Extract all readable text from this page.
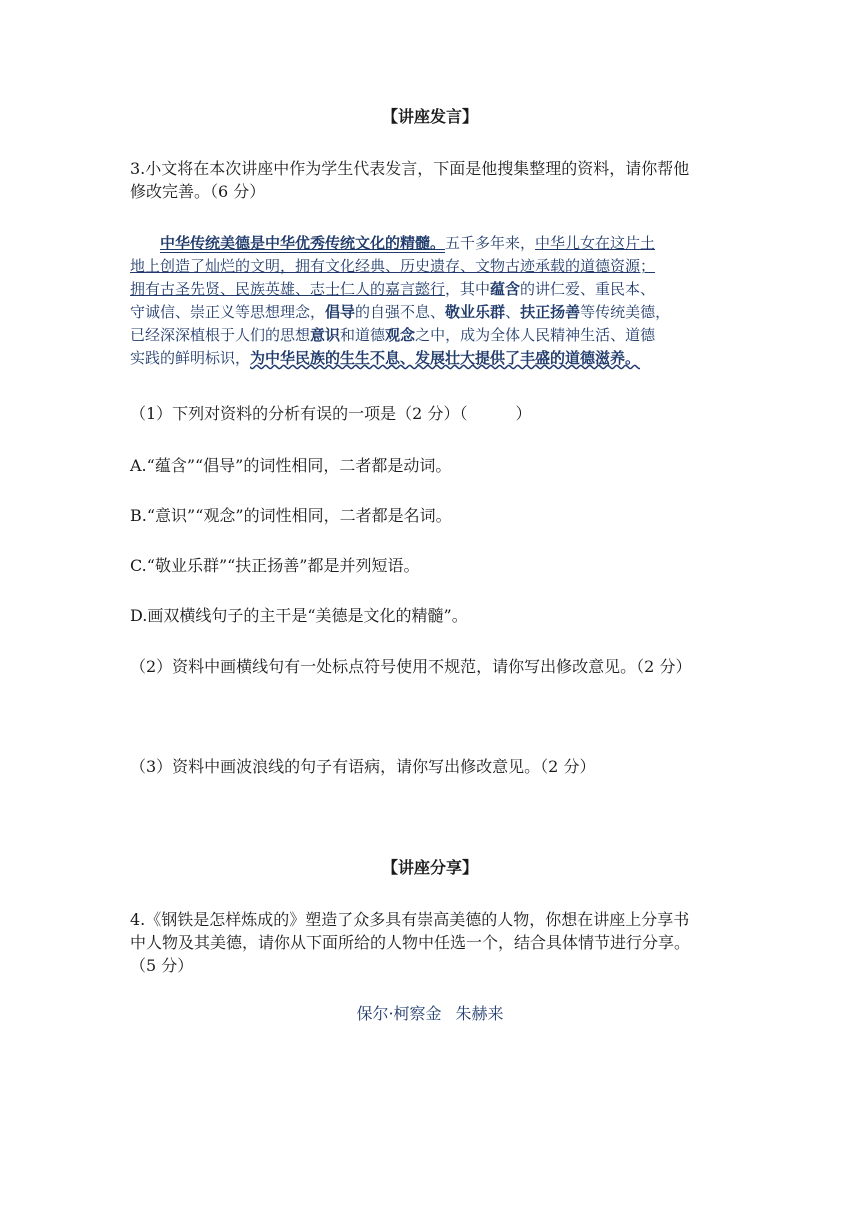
【讲座发言】
3.小文将在本次讲座中作为学生代表发言，下面是他搜集整理的资料，请你帮他
修改完善。（6 分）
中华传统美德是中华优秀传统文化的精髓。五千多年来，中华儿女在这片土
地上创造了灿烂的文明，拥有文化经典、历史遗存、文物古迹承载的道德资源；
拥有古圣先贤、民族英雄、志士仁人的嘉言懿行，其中蕴含的讲仁爱、重民本、
守诚信、崇正义等思想理念，倡导的自强不息、敬业乐群、扶正扬善等传统美德，
已经深深植根于人们的思想意识和道德观念之中，成为全体人民精神生活、道德
实践的鲜明标识，为中华民族的生生不息、发展壮大提供了丰盛的道德滋养。
（1）下列对资料的分析有误的一项是（2 分）（　　　）
A.“蕴含”“倡导”的词性相同，二者都是动词。
B.“意识”“观念”的词性相同，二者都是名词。
C.“敬业乐群”“扶正扬善”都是并列短语。
D.画双横线句子的主干是“美德是文化的精髓”。
（2）资料中画横线句有一处标点符号使用不规范，请你写出修改意见。（2 分）
（3）资料中画波浪线的句子有语病，请你写出修改意见。（2 分）
【讲座分享】
4.《钢铁是怎样炼成的》塑造了众多具有崇高美德的人物，你想在讲座上分享书
中人物及其美德，请你从下面所给的人物中任选一个，结合具体情节进行分享。
（5 分）
保尔·柯察金 朱赫来
